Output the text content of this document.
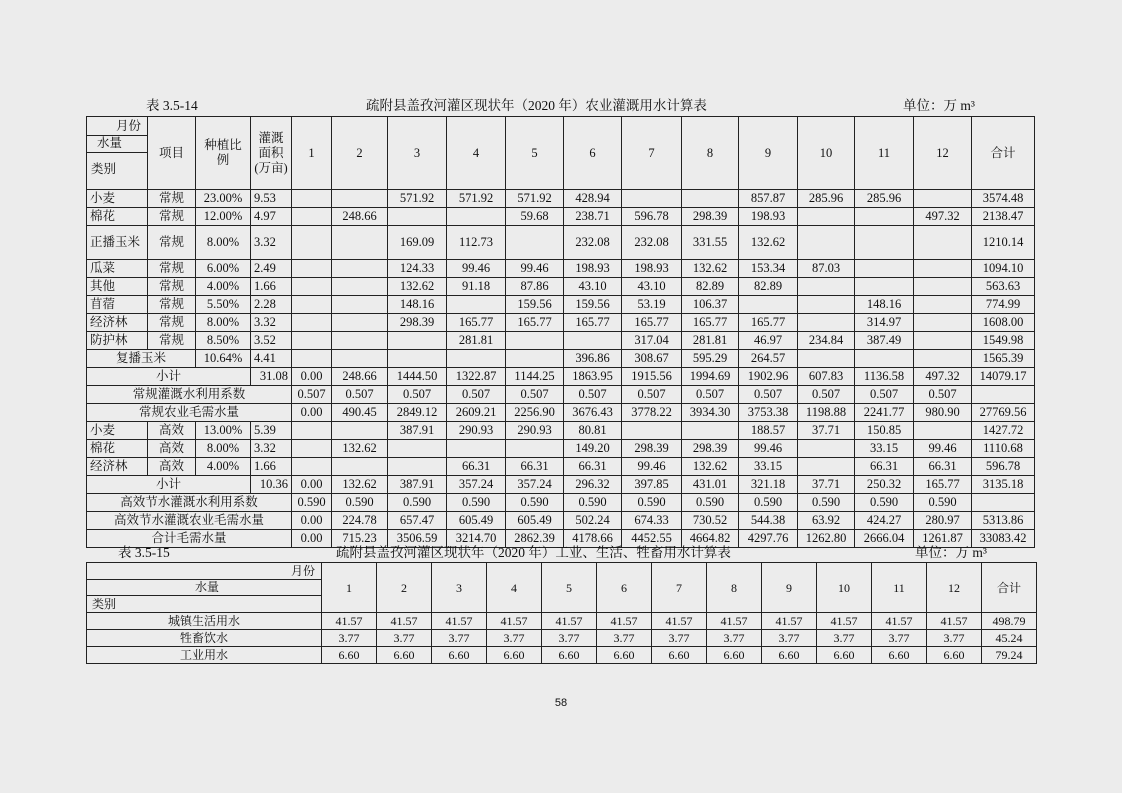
表 3.5-14	疏附县盖孜河灌区现状年（2020 年）农业灌溉用水计算表	单位：万 m³
月份
水量
类别	项目	种植比例	灌溉面积(万亩)	1	2	3	4	5	6	7	8	9	10	11	12	合计
小麦	常规	23.00%	9.53			571.92	571.92	571.92	428.94			857.87	285.96	285.96		3574.48
棉花	常规	12.00%	4.97		248.66			59.68	238.71	596.78	298.39	198.93			497.32	2138.47
正播玉米	常规	8.00%	3.32			169.09	112.73		232.08	232.08	331.55	132.62				1210.14
瓜菜	常规	6.00%	2.49			124.33	99.46	99.46	198.93	198.93	132.62	153.34	87.03			1094.10
其他	常规	4.00%	1.66			132.62	91.18	87.86	43.10	43.10	82.89	82.89				563.63
苜蓿	常规	5.50%	2.28			148.16		159.56	159.56	53.19	106.37			148.16		774.99
经济林	常规	8.00%	3.32			298.39	165.77	165.77	165.77	165.77	165.77	165.77		314.97		1608.00
防护林	常规	8.50%	3.52				281.81			317.04	281.81	46.97	234.84	387.49		1549.98
复播玉米		10.64%	4.41						396.86	308.67	595.29	264.57				1565.39
小计			31.08	0.00	248.66	1444.50	1322.87	1144.25	1863.95	1915.56	1994.69	1902.96	607.83	1136.58	497.32	14079.17
常规灌溉水利用系数				0.507	0.507	0.507	0.507	0.507	0.507	0.507	0.507	0.507	0.507	0.507	0.507	
常规农业毛需水量				0.00	490.45	2849.12	2609.21	2256.90	3676.43	3778.22	3934.30	3753.38	1198.88	2241.77	980.90	27769.56
小麦	高效	13.00%	5.39			387.91	290.93	290.93	80.81			188.57	37.71	150.85		1427.72
棉花	高效	8.00%	3.32		132.62				149.20	298.39	298.39	99.46		33.15	99.46	1110.68
经济林	高效	4.00%	1.66				66.31	66.31	66.31	99.46	132.62	33.15		66.31	66.31	596.78
小计			10.36	0.00	132.62	387.91	357.24	357.24	296.32	397.85	431.01	321.18	37.71	250.32	165.77	3135.18
高效节水灌溉水利用系数				0.590	0.590	0.590	0.590	0.590	0.590	0.590	0.590	0.590	0.590	0.590	0.590	
高效节水灌溉农业毛需水量				0.00	224.78	657.47	605.49	605.49	502.24	674.33	730.52	544.38	63.92	424.27	280.97	5313.86
合计毛需水量				0.00	715.23	3506.59	3214.70	2862.39	4178.66	4452.55	4664.82	4297.76	1262.80	2666.04	1261.87	33083.42
表 3.5-15	疏附县盖孜河灌区现状年（2020 年）工业、生活、牲畜用水计算表	单位：万 m³
月份
水量
类别	1	2	3	4	5	6	7	8	9	10	11	12	合计
城镇生活用水	41.57	41.57	41.57	41.57	41.57	41.57	41.57	41.57	41.57	41.57	41.57	41.57	498.79
牲畜饮水	3.77	3.77	3.77	3.77	3.77	3.77	3.77	3.77	3.77	3.77	3.77	3.77	45.24
工业用水	6.60	6.60	6.60	6.60	6.60	6.60	6.60	6.60	6.60	6.60	6.60	6.60	79.24
58
